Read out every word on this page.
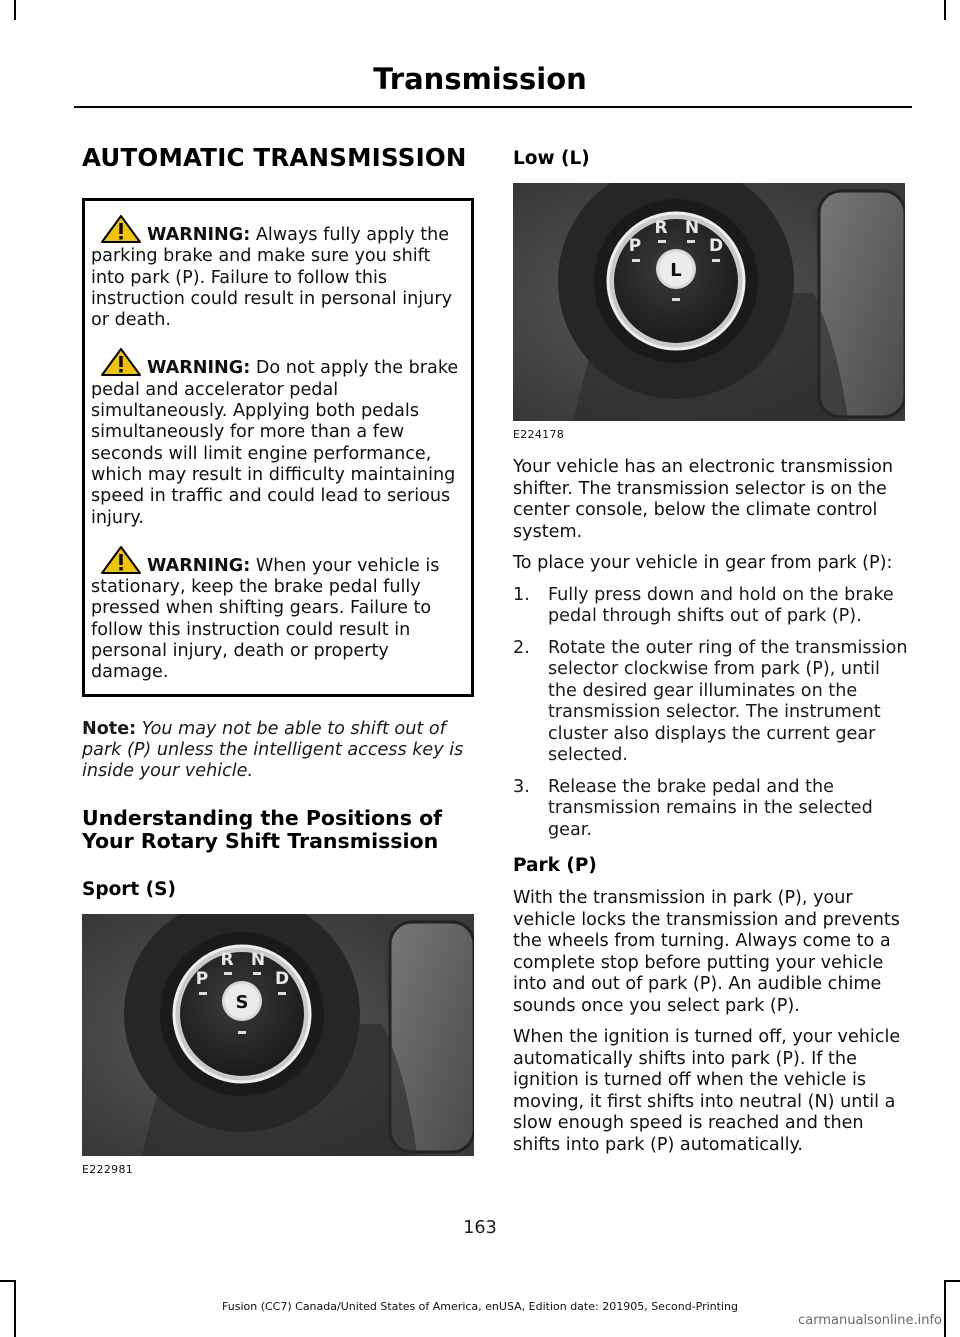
Transmission
AUTOMATIC TRANSMISSION

WARNING: Always fully apply the parking brake and make sure you shift into park (P). Failure to follow this instruction could result in personal injury or death.

WARNING: Do not apply the brake pedal and accelerator pedal simultaneously. Applying both pedals simultaneously for more than a few seconds will limit engine performance, which may result in difficulty maintaining speed in traffic and could lead to serious injury.

WARNING: When your vehicle is stationary, keep the brake pedal fully pressed when shifting gears. Failure to follow this instruction could result in personal injury, death or property damage.

Note: You may not be able to shift out of park (P) unless the intelligent access key is inside your vehicle.

Understanding the Positions of Your Rotary Shift Transmission
Sport (S)
S
P
R N
D
E222981
Low (L)
L
P
R N
D
E224178

Your vehicle has an electronic transmission shifter. The transmission selector is on the center console, below the climate control system.

To place your vehicle in gear from park (P):

1. Fully press down and hold on the brake pedal through shifts out of park (P).
2. Rotate the outer ring of the transmission selector clockwise from park (P), until the desired gear illuminates on the transmission selector. The instrument cluster also displays the current gear selected.
3. Release the brake pedal and the transmission remains in the selected gear.
Park (P)

With the transmission in park (P), your vehicle locks the transmission and prevents the wheels from turning. Always come to a complete stop before putting your vehicle into and out of park (P). An audible chime sounds once you select park (P).

When the ignition is turned off, your vehicle automatically shifts into park (P). If the ignition is turned off when the vehicle is moving, it first shifts into neutral (N) until a slow enough speed is reached and then shifts into park (P) automatically.

163
Fusion (CC7) Canada/United States of America, enUSA, Edition date: 201905, Second-Printing
carmanualsonline.info
